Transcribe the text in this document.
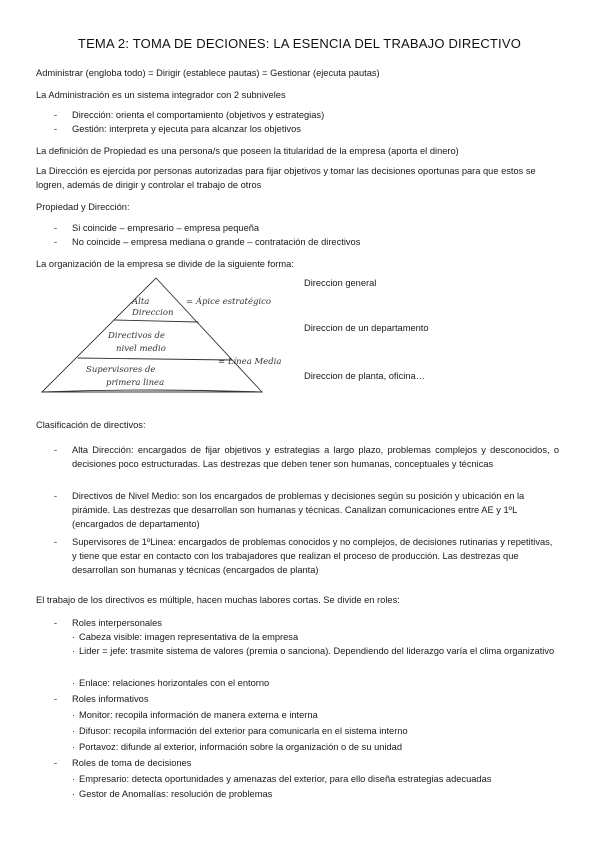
TEMA 2: TOMA DE DECIONES: LA ESENCIA DEL TRABAJO DIRECTIVO
Administrar (engloba todo) = Dirigir (establece pautas) = Gestionar (ejecuta pautas)
La Administración es un sistema integrador con 2 subniveles
-	Dirección: orienta el comportamiento (objetivos y estrategias)
-	Gestión: interpreta y ejecuta para alcanzar los objetivos
La definición de Propiedad es una persona/s que poseen la titularidad de la empresa (aporta el dinero)
La Dirección es ejercida por personas autorizadas para fijar objetivos y tomar las decisiones oportunas para que estos se logren, además de dirigir y controlar el trabajo de otros
Propiedad y Dirección:
-	Si coincide – empresario – empresa pequeña
-	No coincide – empresa mediana o grande – contratación de directivos
La organización de la empresa se divide de la siguiente forma:
Alta
Direccion
Directivos de
nivel medio
Supervisores de
primera linea
= Ápice estratégico
= Línea Media
Direccion general
Direccion de un departamento
Direccion de planta, oficina…
Clasificación de directivos:
-	Alta Dirección: encargados de fijar objetivos y estrategias a largo plazo, problemas complejos y desconocidos, o decisiones poco estructuradas. Las destrezas que deben tener son humanas, conceptuales y técnicas
-	Directivos de Nivel Medio: son los encargados de problemas y decisiones según su posición y ubicación en la pirámide. Las destrezas que desarrollan son humanas y técnicas. Canalizan comunicaciones entre AE y 1ºL (encargados de departamento)
-	Supervisores de 1ºLinea: encargados de problemas conocidos y no complejos, de decisiones rutinarias y repetitivas, y tiene que estar en contacto con los trabajadores que realizan el proceso de producción. Las destrezas que desarrollan son humanas y técnicas (encargados de planta)
El trabajo de los directivos es múltiple, hacen muchas labores cortas. Se divide en roles:
-	Roles interpersonales
· Cabeza visible: imagen representativa de la empresa
· Lider = jefe: trasmite sistema de valores (premia o sanciona). Dependiendo del liderazgo varía el clima organizativo
· Enlace: relaciones horizontales con el entorno
-	Roles informativos
· Monitor: recopila información de manera externa e interna
· Difusor: recopila información del exterior para comunicarla en el sistema interno
· Portavoz: difunde al exterior, información sobre la organización o de su unidad
-	Roles de toma de decisiones
· Empresario: detecta oportunidades y amenazas del exterior, para ello diseña estrategias adecuadas
· Gestor de Anomalías: resolución de problemas
